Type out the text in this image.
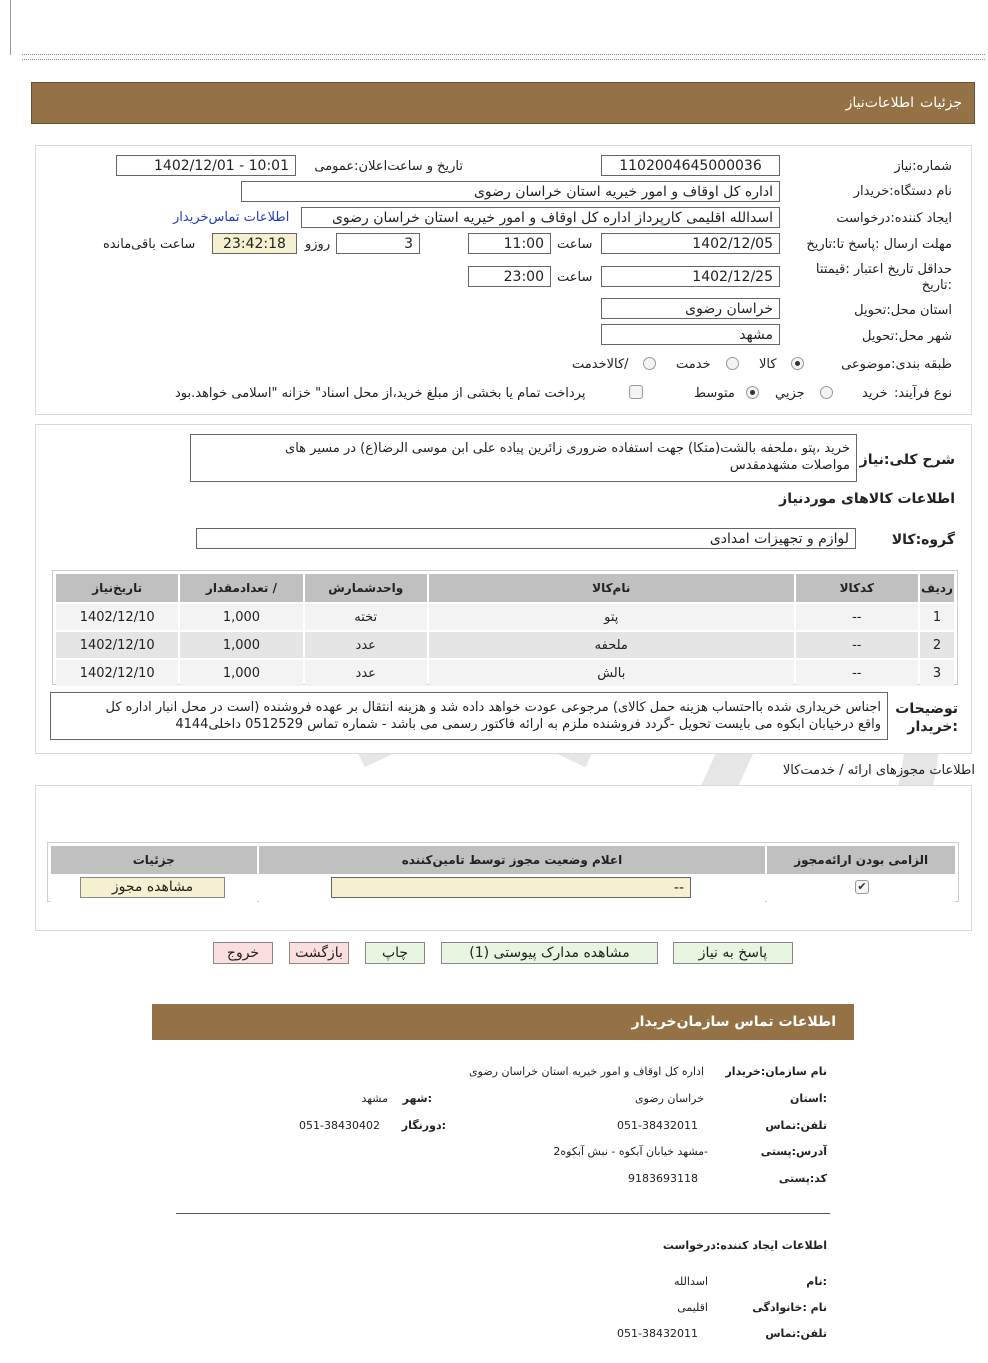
جزئیات
اطلاعات‌نیاز
شماره:نیاز
1102004645000036
تاریخ و ساعت‌اعلان:عمومی
1402/12/01 - 10:01
نام دستگاه:خریدار
اداره کل اوقاف و امور خیریه استان خراسان رضوی
ایجاد کننده:درخواست
اسدالله اقلیمی کارپرداز اداره کل اوقاف و امور خیریه استان خراسان رضوی
اطلاعات تماس‌خریدار
مهلت ارسال :پاسخ تا:تاریخ
1402/12/05
ساعت
11:00
3
روزو
23:42:18
ساعت باقی‌مانده
حداقل تاریخ اعتبار :قیمتتا :تاریخ
1402/12/25
ساعت
23:00
استان محل:تحویل
خراسان رضوی
شهر محل:تحویل
مشهد
طبقه بندی:موضوعی
کالا
خدمت
/کالاخدمت
نوع فرآیند:
خرید
جزیي
متوسط
پرداخت تمام یا بخشی از مبلغ خرید،از محل اسناد" خزانه "اسلامی خواهد.بود
شرح کلی:نیاز
خرید ،پتو ،ملحفه بالشت(متکا) جهت استفاده ضروری زائرین پیاده علی ابن موسی الرضا(ع) در مسیر های
مواصلات مشهدمقدس
اطلاعات کالاهای مورد‌نیاز
گروه:کالا
لوازم و تجهیزات امدادی
ردیف	کدکالا	نام‌کالا	واحدشمارش	/ تعدادمقدار	تاریخ‌نیاز
1	--	پتو	تخته	1,000	1402/12/10
2	--	ملحفه	عدد	1,000	1402/12/10
3	--	بالش	عدد	1,000	1402/12/10
توضیحات
:خریدار
اجناس خریداری شده بااحتساب هزینه حمل کالای) مرجوعی عودت خواهد داده شد و هزینه انتقال بر عهده فروشنده (است در محل انبار اداره کل
واقع درخیابان ابکوه می بایست تحویل -گردد فروشنده ملزم به ارائه فاکتور رسمی می باشد - شماره تماس 0512529 داخلی4144
اطلاعات مجوزهای ارائه / خدمت‌کالا
الزامی بودن ارائه‌مجوز	اعلام وضعیت مجوز توسط تامین‌کننده	جزئیات

✔
--
مشاهده مجوز
پاسخ به نیاز
مشاهده مدارک پیوستی (1)
چاپ
بازگشت
خروج
اطلاعات تماس سازمان‌خریدار
نام سازمان:خریدار
اداره کل اوقاف و امور خیریه استان خراسان رضوی
:استان
خراسان رضوی
:شهر
مشهد
تلفن:تماس
051-38432011
:دورنگار
051-38430402
آدرس:پستی
-مشهد خیابان آبکوه - نبش آبکوه2
کد:پستی
9183693118
اطلاعات ایجاد کننده:درخواست
:نام
اسدالله
نام :خانوادگی
اقلیمی
تلفن:تماس
051-38432011
